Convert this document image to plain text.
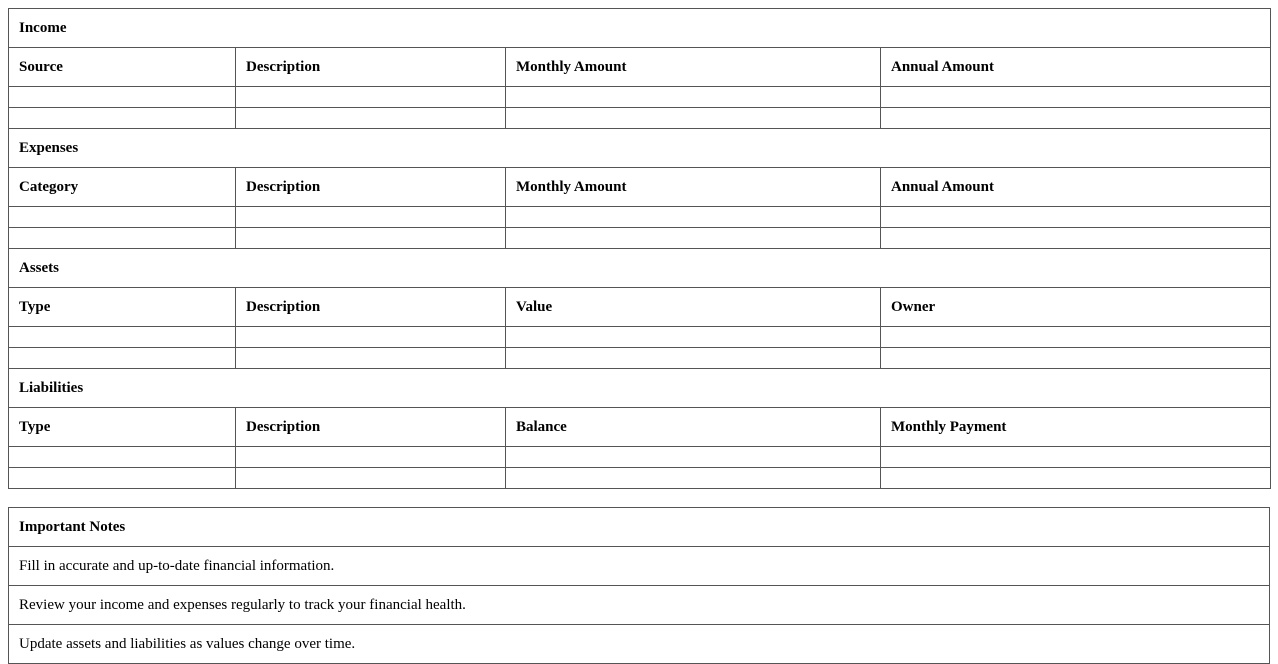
Income			
Source	Description	Monthly Amount	Annual Amount

Expenses			
Category	Description	Monthly Amount	Annual Amount

Assets			
Type	Description	Value	Owner

Liabilities			
Type	Description	Balance	Monthly Payment

Important Notes
Fill in accurate and up-to-date financial information.
Review your income and expenses regularly to track your financial health.
Update assets and liabilities as values change over time.
